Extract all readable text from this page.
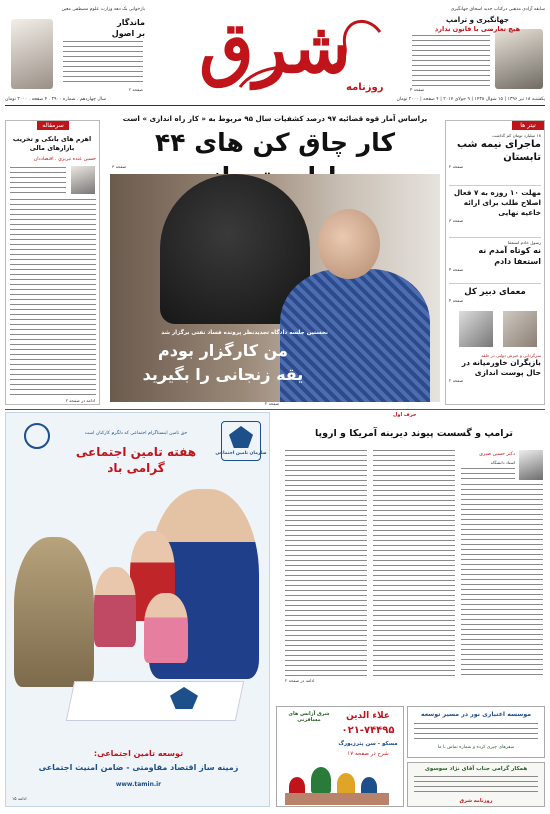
سابقه آزادی مذهبی درکتاب جدید اسحاق جهانگیری
جهانگیری و ترامپ
هیچ تعارضی با قانون ندارد
صفحه ۴
شرق
روزنامه
بازخوانی یک دهه وزارت علوم مصطفی معین
ماندگار
بر اصول
صفحه ۲
یکشنبه ۱۸ تیر ۱۳۹۶ | ۱۵ شوال ۱۴۳۸ | ۹ جولای ۲۰۱۷ | ۴ صفحه | ۲۰۰۰ تومان
سال چهاردهم . شماره ۲۹۰۰ . ۴ صفحه . ۲۰۰۰ تومان
تیتر ها
۱۸ میلیارد تومان کم گذاشت
ماجرای نیمه شب تابستان
صفحه ۲
مهلت ۱۰ روزه به ۷ فعال اصلاح طلب برای ارائه خاعیه نهایی
صفحه ۳
رسول خادم استعفا
نه کوتاه آمدم نه استعفا دادم
صفحه ۴
معمای دبیر کل
صفحه ۴
سرگردانی و خیزش دولتی در حلقه
بازیگران خاورمیانه در حال پوست اندازی
صفحه ۲
براساس آمار قوه قضائیه ۹۷ درصد کشفیات سال ۹۵ مربوط به « کار راه اندازی » است
کار چاق کن های ۴۴
صفحه ۳
نخستین جلسه دادگاه تجدیدنظر پرونده فساد نفتی برگزار شد
من کارگزار بودم
یقه زنجانی را بگیرید
صفحه ۲
سرمقاله
اهرم های بانکی و تخریب بازارهای مالی
حسین عبده تبریزی . اقتصاددان
ادامه در صفحه ۲
حرف اول
ترامپ و گسست پیوند دیرینه آمریکا و اروپا
دکتر حسین صیری
استاد دانشگاه
ادامه در صفحه ۲
سازمان تامین اجتماعی
حق تامین اینستاگرام اجتماعی که دلگرم کارکنان است
هفته تامین اجتماعی
گرامی باد
توسعه تامین اجتماعی:
زمینه ساز اقتصاد مقاومتی - ضامن امنیت اجتماعی
www.tamin.ir
ادامه ۱۵
علاء الدین
۰۲۱-۷۴۴۹۵
مسکو - سن پترزبورگ
شرح در صفحه ۱۷
شرق آژانس های مسافرتی
موسسه اعتباری نور در مسیر توسعه
سفرهای چیزی کرده و شماره تماس با ما
همکار گرامی جناب آقای نژاد سوسوی
روزنامه شرق
